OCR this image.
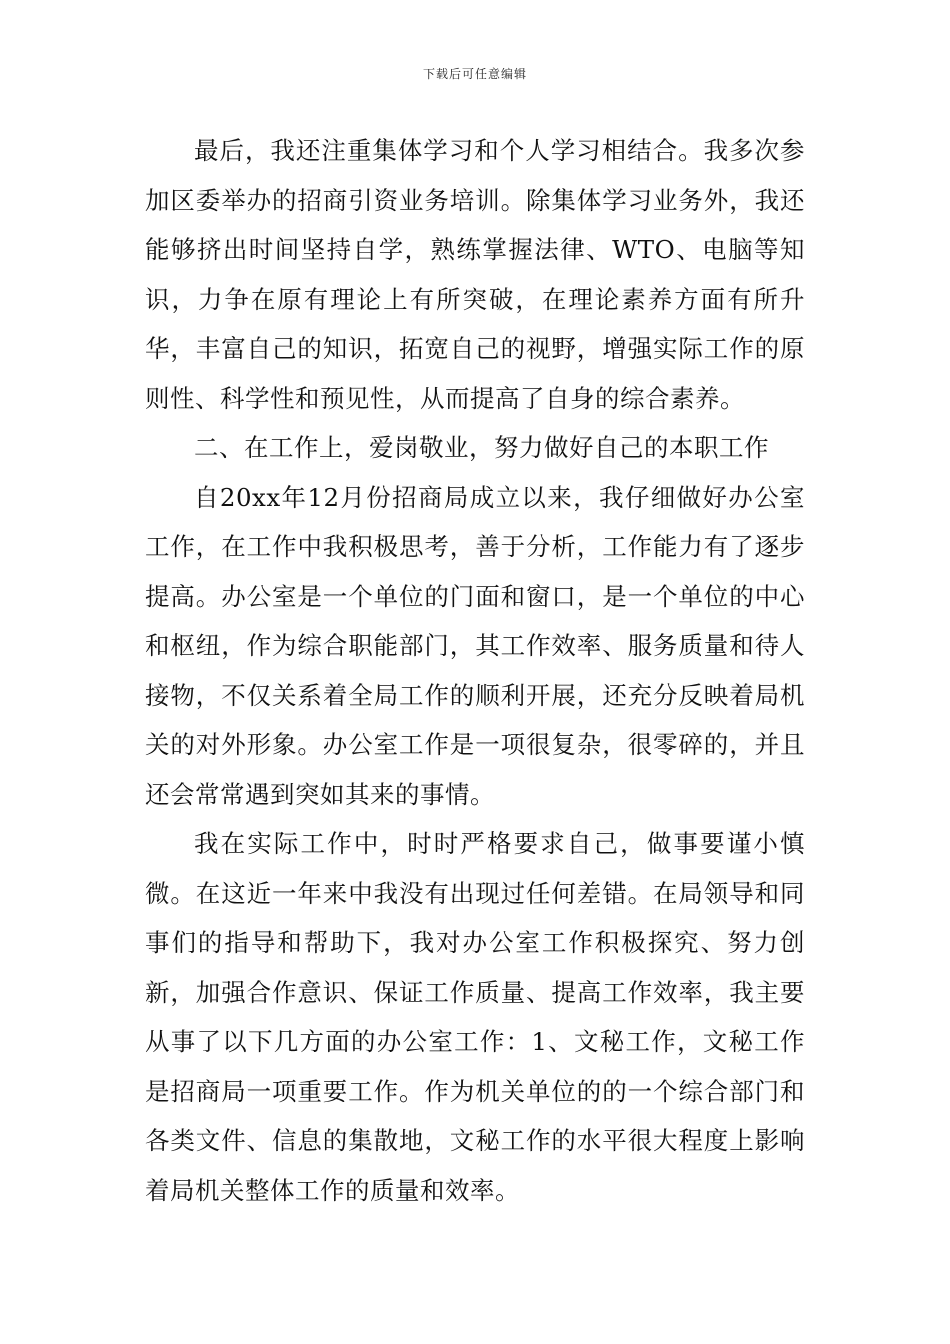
下载后可任意编辑

最后，我还注重集体学习和个人学习相结合。我多次参加区委举办的招商引资业务培训。除集体学习业务外，我还能够挤出时间坚持自学，熟练掌握法律、WTO、电脑等知识，力争在原有理论上有所突破，在理论素养方面有所升华，丰富自己的知识，拓宽自己的视野，增强实际工作的原则性、科学性和预见性，从而提高了自身的综合素养。

二、在工作上，爱岗敬业，努力做好自己的本职工作

自20xx年12月份招商局成立以来，我仔细做好办公室工作，在工作中我积极思考，善于分析，工作能力有了逐步提高。办公室是一个单位的门面和窗口，是一个单位的中心和枢纽，作为综合职能部门，其工作效率、服务质量和待人接物，不仅关系着全局工作的顺利开展，还充分反映着局机关的对外形象。办公室工作是一项很复杂，很零碎的，并且还会常常遇到突如其来的事情。

我在实际工作中，时时严格要求自己，做事要谨小慎微。在这近一年来中我没有出现过任何差错。在局领导和同事们的指导和帮助下，我对办公室工作积极探究、努力创新，加强合作意识、保证工作质量、提高工作效率，我主要从事了以下几方面的办公室工作：1、文秘工作，文秘工作是招商局一项重要工作。作为机关单位的的一个综合部门和各类文件、信息的集散地，文秘工作的水平很大程度上影响着局机关整体工作的质量和效率。
